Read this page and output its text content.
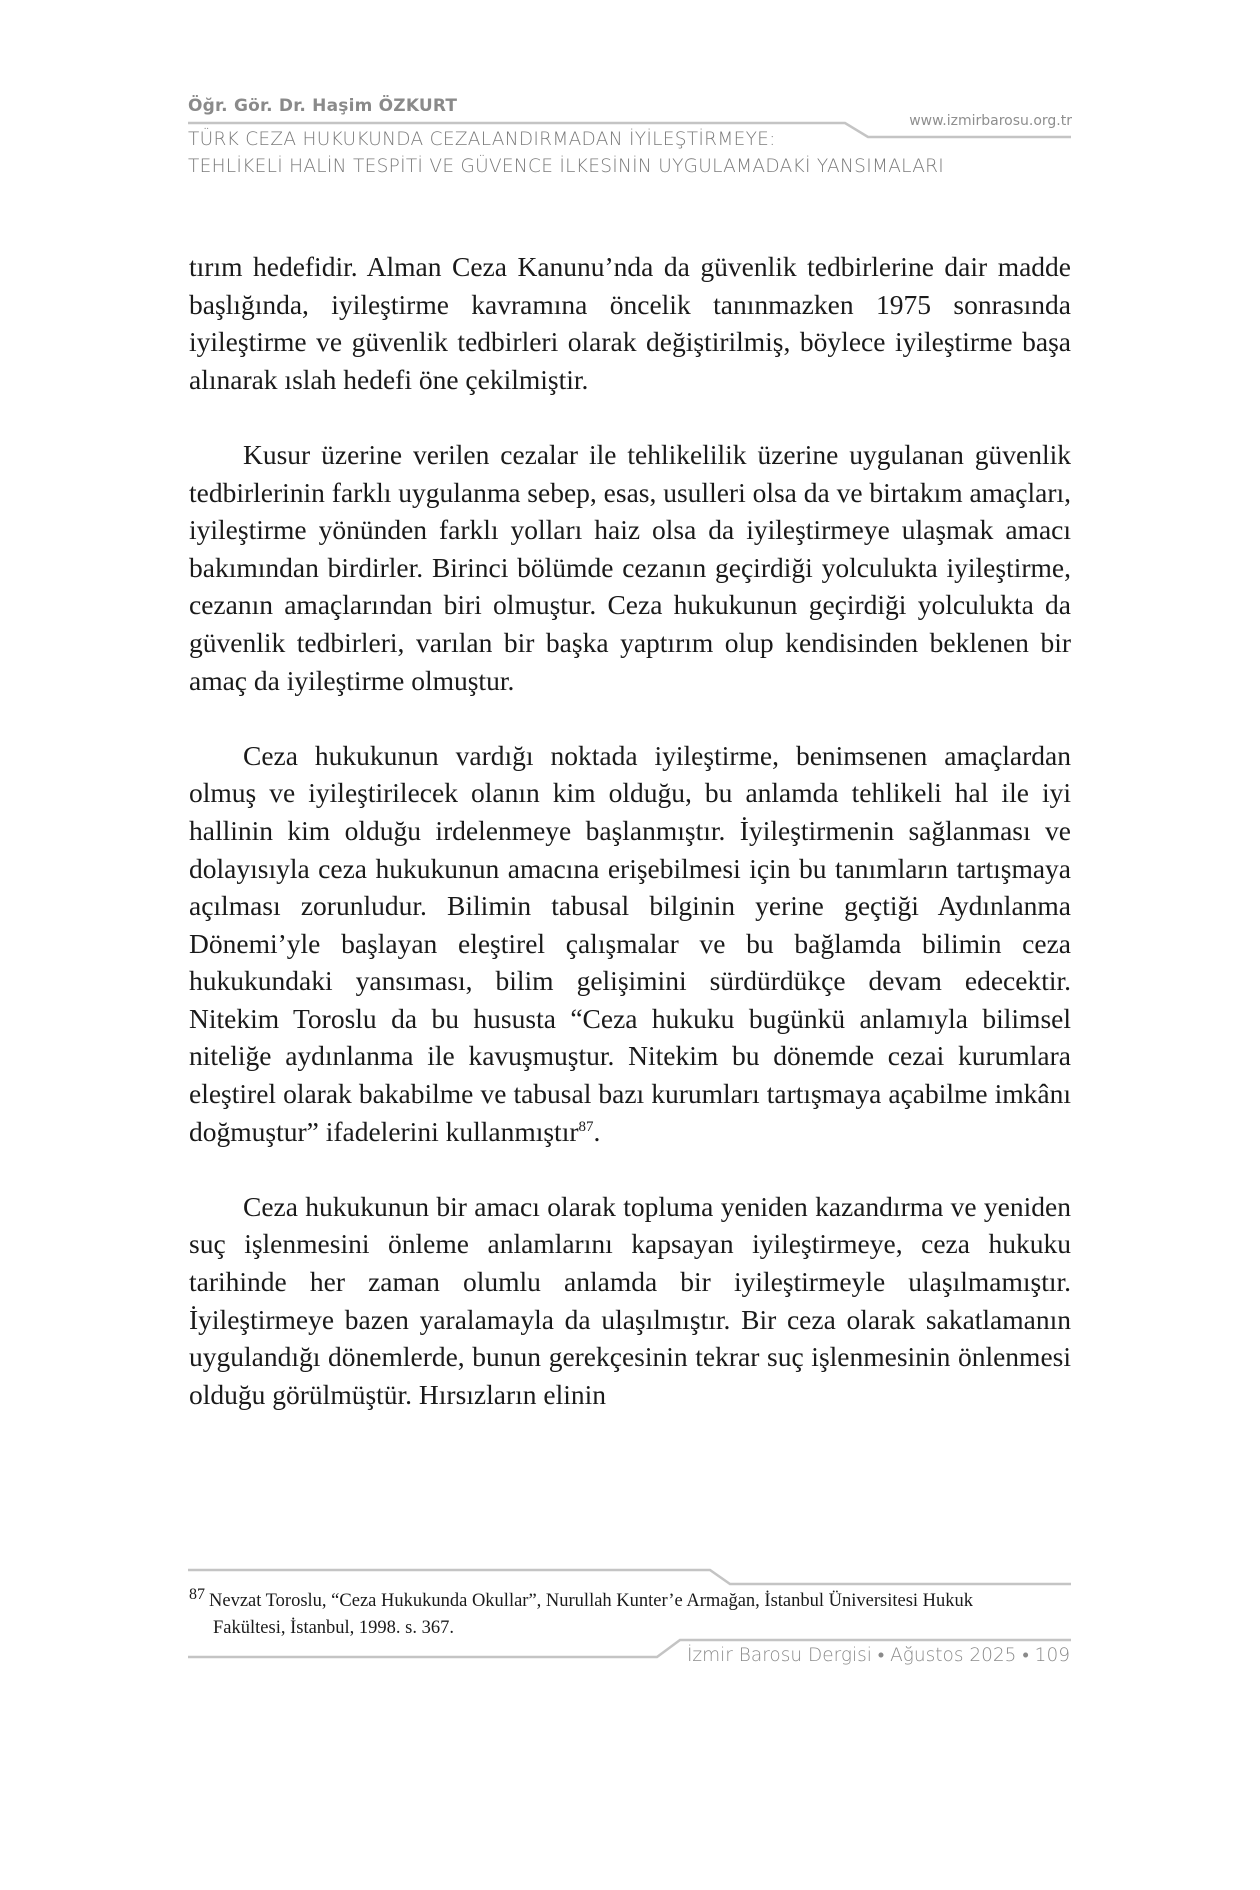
Öğr. Gör. Dr. Haşim ÖZKURT
www.izmirbarosu.org.tr
TÜRK CEZA HUKUKUNDA CEZALANDIRMADAN İYİLEŞTİRMEYE:
TEHLİKELİ HALİN TESPİTİ VE GÜVENCE İLKESİNİN UYGULAMADAKİ YANSIMALARI

tırım hedefidir. Alman Ceza Kanunu’nda da güvenlik tedbirlerine dair madde başlığında, iyileştirme kavramına öncelik tanınmazken 1975 sonrasında iyileştirme ve güvenlik tedbirleri olarak değiştirilmiş, böylece iyileştirme başa alınarak ıslah hedefi öne çekilmiştir.

Kusur üzerine verilen cezalar ile tehlikelilik üzerine uygulanan güvenlik tedbirlerinin farklı uygulanma sebep, esas, usulleri olsa da ve birtakım amaçları, iyileştirme yönünden farklı yolları haiz olsa da iyileştirmeye ulaşmak amacı bakımından birdirler. Birinci bölümde cezanın geçirdiği yolculukta iyileştirme, cezanın amaçlarından biri olmuştur. Ceza hukukunun geçirdiği yolculukta da güvenlik tedbirleri, varılan bir başka yaptırım olup kendisinden beklenen bir amaç da iyileştirme olmuştur.

Ceza hukukunun vardığı noktada iyileştirme, benimsenen amaçlardan olmuş ve iyileştirilecek olanın kim olduğu, bu anlamda tehlikeli hal ile iyi hallinin kim olduğu irdelenmeye başlanmıştır. İyileştirmenin sağlanması ve dolayısıyla ceza hukukunun amacına erişebilmesi için bu tanımların tartışmaya açılması zorunludur. Bilimin tabusal bilginin yerine geçtiği Aydınlanma Dönemi’yle başlayan eleştirel çalışmalar ve bu bağlamda bilimin ceza hukukundaki yansıması, bilim gelişimini sürdürdükçe devam edecektir. Nitekim Toroslu da bu hususta “Ceza hukuku bugünkü anlamıyla bilimsel niteliğe aydınlanma ile kavuşmuştur. Nitekim bu dönemde cezai kurumlara eleştirel olarak bakabilme ve tabusal bazı kurumları tartışmaya açabilme imkânı doğmuştur” ifadelerini kullanmıştır$^{87}$.

Ceza hukukunun bir amacı olarak topluma yeniden kazandırma ve yeniden suç işlenmesini önleme anlamlarını kapsayan iyileştirmeye, ceza hukuku tarihinde her zaman olumlu anlamda bir iyileştirmeyle ulaşılmamıştır. İyileştirmeye bazen yaralamayla da ulaşılmıştır. Bir ceza olarak sakatlamanın uygulandığı dönemlerde, bunun gerekçesinin tekrar suç işlenmesinin önlenmesi olduğu görülmüştür. Hırsızların elinin

87 Nevzat Toroslu, “Ceza Hukukunda Okullar”, Nurullah Kunter’e Armağan, İstanbul Üniversitesi Hukuk
Fakültesi, İstanbul, 1998. s. 367.
İzmir Barosu Dergisi • Ağustos 2025 • 109
